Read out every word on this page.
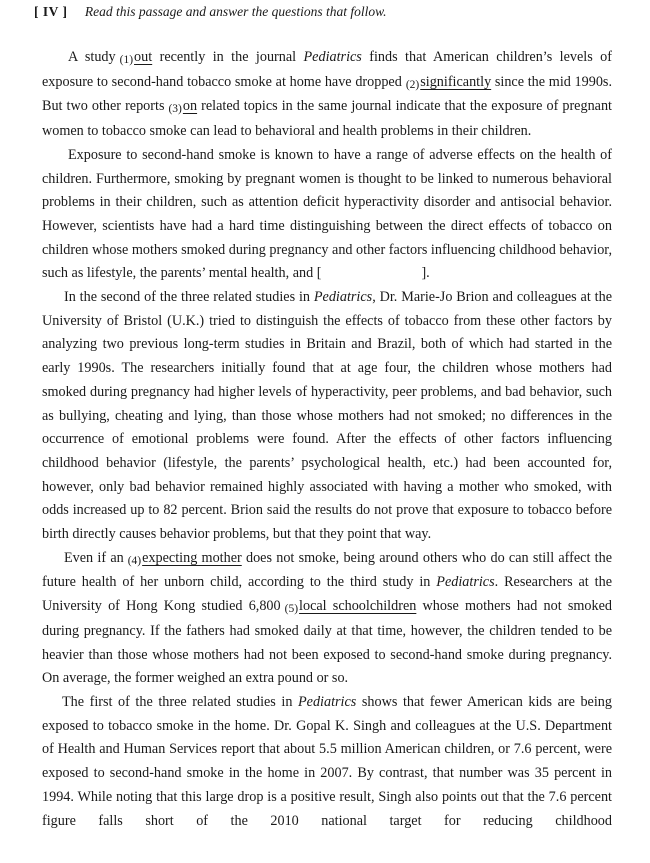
[ IV ] Read this passage and answer the questions that follow.

A study (1)out recently in the journal Pediatrics finds that American children’s levels of exposure to second-hand tobacco smoke at home have dropped (2)significantly since the mid 1990s. But two other reports (3)on related topics in the same journal indicate that the exposure of pregnant women to tobacco smoke can lead to behavioral and health problems in their children.

Exposure to second-hand smoke is known to have a range of adverse effects on the health of children. Furthermore, smoking by pregnant women is thought to be linked to numerous behavioral problems in their children, such as attention deficit hyperactivity disorder and antisocial behavior. However, scientists have had a hard time distinguishing between the direct effects of tobacco on children whose mothers smoked during pregnancy and other factors influencing childhood behavior, such as lifestyle, the parents’ mental health, and [	].

In the second of the three related studies in Pediatrics, Dr. Marie-Jo Brion and colleagues at the University of Bristol (U.K.) tried to distinguish the effects of tobacco from these other factors by analyzing two previous long-term studies in Britain and Brazil, both of which had started in the early 1990s. The researchers initially found that at age four, the children whose mothers had smoked during pregnancy had higher levels of hyperactivity, peer problems, and bad behavior, such as bullying, cheating and lying, than those whose mothers had not smoked; no differences in the occurrence of emotional problems were found. After the effects of other factors influencing childhood behavior (lifestyle, the parents’ psychological health, etc.) had been accounted for, however, only bad behavior remained highly associated with having a mother who smoked, with odds increased up to 82 percent. Brion said the results do not prove that exposure to tobacco before birth directly causes behavior problems, but that they point that way.

Even if an (4)expecting mother does not smoke, being around others who do can still affect the future health of her unborn child, according to the third study in Pediatrics. Researchers at the University of Hong Kong studied 6,800 (5)local schoolchildren whose mothers had not smoked during pregnancy. If the fathers had smoked daily at that time, however, the children tended to be heavier than those whose mothers had not been exposed to second-hand smoke during pregnancy. On average, the former weighed an extra pound or so.

The first of the three related studies in Pediatrics shows that fewer American kids are being exposed to tobacco smoke in the home. Dr. Gopal K. Singh and colleagues at the U.S. Department of Health and Human Services report that about 5.5 million American children, or 7.6 percent, were exposed to second-hand smoke in the home in 2007. By contrast, that number was 35 percent in 1994. While noting that this large drop is a positive result, Singh also points out that the 7.6 percent figure falls short of the 2010 national target for reducing childhood
